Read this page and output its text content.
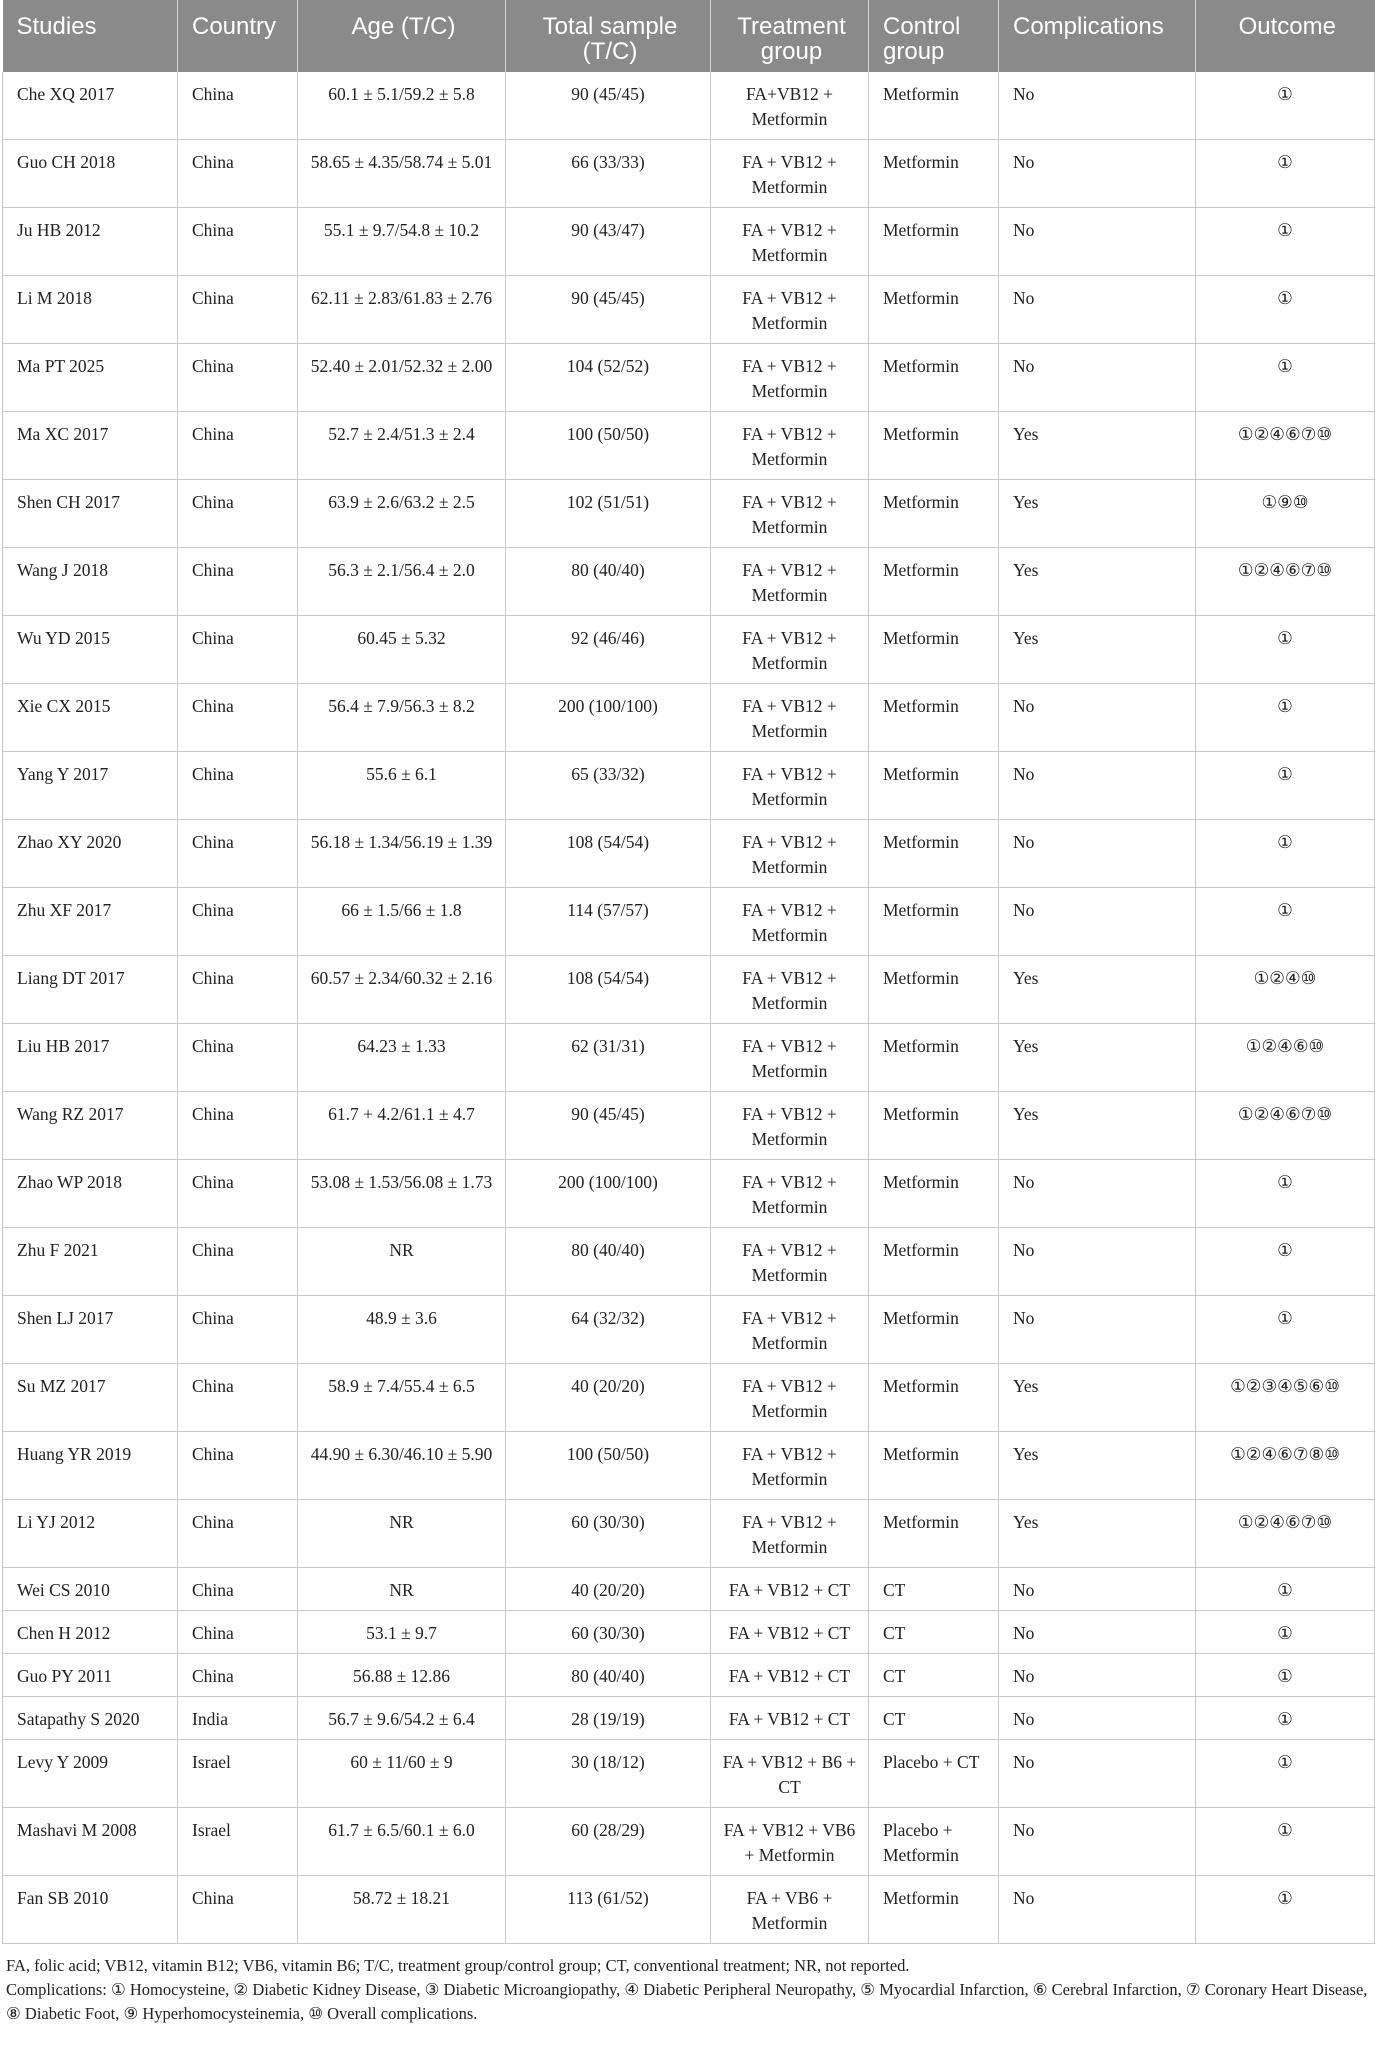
Studies	Country	Age (T/C)	Total sample (T/C)	Treatment group	Control group	Complications	Outcome
Che XQ 2017	China	60.1 ± 5.1/59.2 ± 5.8	90 (45/45)	FA+VB12 + Metformin	Metformin	No	①
Guo CH 2018	China	58.65 ± 4.35/58.74 ± 5.01	66 (33/33)	FA + VB12 + Metformin	Metformin	No	①
Ju HB 2012	China	55.1 ± 9.7/54.8 ± 10.2	90 (43/47)	FA + VB12 + Metformin	Metformin	No	①
Li M 2018	China	62.11 ± 2.83/61.83 ± 2.76	90 (45/45)	FA + VB12 + Metformin	Metformin	No	①
Ma PT 2025	China	52.40 ± 2.01/52.32 ± 2.00	104 (52/52)	FA + VB12 + Metformin	Metformin	No	①
Ma XC 2017	China	52.7 ± 2.4/51.3 ± 2.4	100 (50/50)	FA + VB12 + Metformin	Metformin	Yes	①②④⑥⑦⑩
Shen CH 2017	China	63.9 ± 2.6/63.2 ± 2.5	102 (51/51)	FA + VB12 + Metformin	Metformin	Yes	①⑨⑩
Wang J 2018	China	56.3 ± 2.1/56.4 ± 2.0	80 (40/40)	FA + VB12 + Metformin	Metformin	Yes	①②④⑥⑦⑩
Wu YD 2015	China	60.45 ± 5.32	92 (46/46)	FA + VB12 + Metformin	Metformin	Yes	①
Xie CX 2015	China	56.4 ± 7.9/56.3 ± 8.2	200 (100/100)	FA + VB12 + Metformin	Metformin	No	①
Yang Y 2017	China	55.6 ± 6.1	65 (33/32)	FA + VB12 + Metformin	Metformin	No	①
Zhao XY 2020	China	56.18 ± 1.34/56.19 ± 1.39	108 (54/54)	FA + VB12 + Metformin	Metformin	No	①
Zhu XF 2017	China	66 ± 1.5/66 ± 1.8	114 (57/57)	FA + VB12 + Metformin	Metformin	No	①
Liang DT 2017	China	60.57 ± 2.34/60.32 ± 2.16	108 (54/54)	FA + VB12 + Metformin	Metformin	Yes	①②④⑩
Liu HB 2017	China	64.23 ± 1.33	62 (31/31)	FA + VB12 + Metformin	Metformin	Yes	①②④⑥⑩
Wang RZ 2017	China	61.7 + 4.2/61.1 ± 4.7	90 (45/45)	FA + VB12 + Metformin	Metformin	Yes	①②④⑥⑦⑩
Zhao WP 2018	China	53.08 ± 1.53/56.08 ± 1.73	200 (100/100)	FA + VB12 + Metformin	Metformin	No	①
Zhu F 2021	China	NR	80 (40/40)	FA + VB12 + Metformin	Metformin	No	①
Shen LJ 2017	China	48.9 ± 3.6	64 (32/32)	FA + VB12 + Metformin	Metformin	No	①
Su MZ 2017	China	58.9 ± 7.4/55.4 ± 6.5	40 (20/20)	FA + VB12 + Metformin	Metformin	Yes	①②③④⑤⑥⑩
Huang YR 2019	China	44.90 ± 6.30/46.10 ± 5.90	100 (50/50)	FA + VB12 + Metformin	Metformin	Yes	①②④⑥⑦⑧⑩
Li YJ 2012	China	NR	60 (30/30)	FA + VB12 + Metformin	Metformin	Yes	①②④⑥⑦⑩
Wei CS 2010	China	NR	40 (20/20)	FA + VB12 + CT	CT	No	①
Chen H 2012	China	53.1 ± 9.7	60 (30/30)	FA + VB12 + CT	CT	No	①
Guo PY 2011	China	56.88 ± 12.86	80 (40/40)	FA + VB12 + CT	CT	No	①
Satapathy S 2020	India	56.7 ± 9.6/54.2 ± 6.4	28 (19/19)	FA + VB12 + CT	CT	No	①
Levy Y 2009	Israel	60 ± 11/60 ± 9	30 (18/12)	FA + VB12 + B6 + CT	Placebo + CT	No	①
Mashavi M 2008	Israel	61.7 ± 6.5/60.1 ± 6.0	60 (28/29)	FA + VB12 + VB6 + Metformin	Placebo + Metformin	No	①
Fan SB 2010	China	58.72 ± 18.21	113 (61/52)	FA + VB6 + Metformin	Metformin	No	①

FA, folic acid; VB12, vitamin B12; VB6, vitamin B6; T/C, treatment group/control group; CT, conventional treatment; NR, not reported.

Complications: ① Homocysteine, ② Diabetic Kidney Disease, ③ Diabetic Microangiopathy, ④ Diabetic Peripheral Neuropathy, ⑤ Myocardial Infarction, ⑥ Cerebral Infarction, ⑦ Coronary Heart Disease, ⑧ Diabetic Foot, ⑨ Hyperhomocysteinemia, ⑩ Overall complications.
